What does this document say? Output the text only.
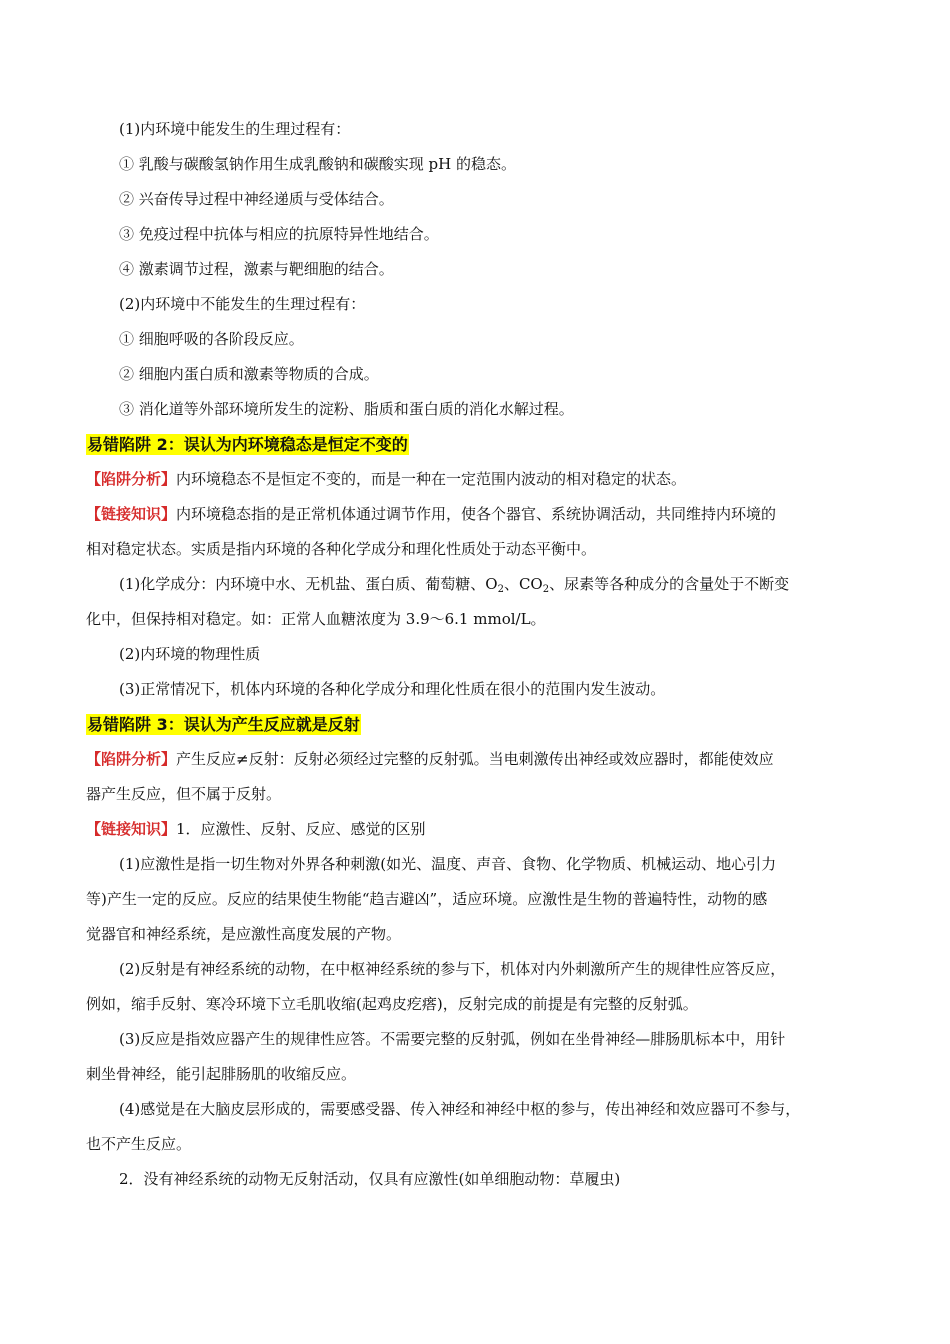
(1)内环境中能发生的生理过程有：
① 乳酸与碳酸氢钠作用生成乳酸钠和碳酸实现 pH 的稳态。
② 兴奋传导过程中神经递质与受体结合。
③ 免疫过程中抗体与相应的抗原特异性地结合。
④ 激素调节过程，激素与靶细胞的结合。
(2)内环境中不能发生的生理过程有：
① 细胞呼吸的各阶段反应。
② 细胞内蛋白质和激素等物质的合成。
③ 消化道等外部环境所发生的淀粉、脂质和蛋白质的消化水解过程。
易错陷阱 2：误认为内环境稳态是恒定不变的
【陷阱分析】内环境稳态不是恒定不变的，而是一种在一定范围内波动的相对稳定的状态。
【链接知识】内环境稳态指的是正常机体通过调节作用，使各个器官、系统协调活动，共同维持内环境的
相对稳定状态。实质是指内环境的各种化学成分和理化性质处于动态平衡中。
(1)化学成分：内环境中水、无机盐、蛋白质、葡萄糖、$O_2$、$CO_2$、尿素等各种成分的含量处于不断变
化中，但保持相对稳定。如：正常人血糖浓度为 3.9～6.1 mmol/L。
(2)内环境的物理性质
(3)正常情况下，机体内环境的各种化学成分和理化性质在很小的范围内发生波动。
易错陷阱 3：误认为产生反应就是反射
【陷阱分析】产生反应≠反射：反射必须经过完整的反射弧。当电刺激传出神经或效应器时，都能使效应
器产生反应，但不属于反射。
【链接知识】1．应激性、反射、反应、感觉的区别
(1)应激性是指一切生物对外界各种刺激(如光、温度、声音、食物、化学物质、机械运动、地心引力
等)产生一定的反应。反应的结果使生物能“趋吉避凶”，适应环境。应激性是生物的普遍特性，动物的感
觉器官和神经系统，是应激性高度发展的产物。
(2)反射是有神经系统的动物，在中枢神经系统的参与下，机体对内外刺激所产生的规律性应答反应，
例如，缩手反射、寒冷环境下立毛肌收缩(起鸡皮疙瘩)，反射完成的前提是有完整的反射弧。
(3)反应是指效应器产生的规律性应答。不需要完整的反射弧，例如在坐骨神经—腓肠肌标本中，用针
刺坐骨神经，能引起腓肠肌的收缩反应。
(4)感觉是在大脑皮层形成的，需要感受器、传入神经和神经中枢的参与，传出神经和效应器可不参与，
也不产生反应。
2．没有神经系统的动物无反射活动，仅具有应激性(如单细胞动物：草履虫)
